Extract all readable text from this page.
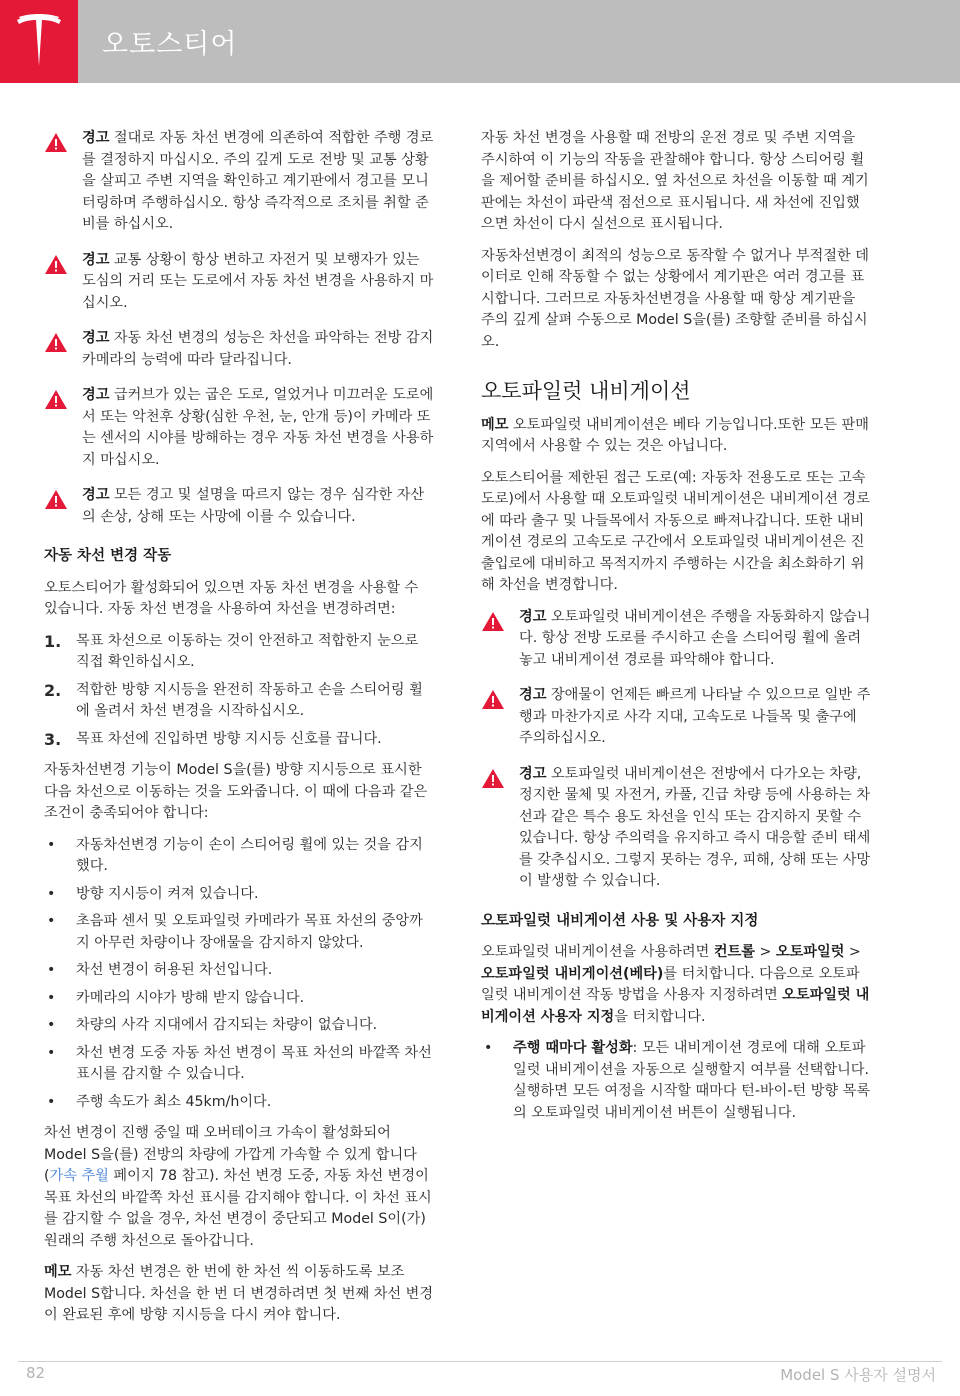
오토스티어
경고 절대로 자동 차선 변경에 의존하여 적합한 주행 경로를 결정하지 마십시오. 주의 깊게 도로 전방 및 교통 상황을 살피고 주변 지역을 확인하고 계기판에서 경고를 모니터링하며 주행하십시오. 항상 즉각적으로 조치를 취할 준비를 하십시오.
경고 교통 상황이 항상 변하고 자전거 및 보행자가 있는 도심의 거리 또는 도로에서 자동 차선 변경을 사용하지 마십시오.
경고 자동 차선 변경의 성능은 차선을 파악하는 전방 감지 카메라의 능력에 따라 달라집니다.
경고 급커브가 있는 굽은 도로, 얼었거나 미끄러운 도로에서 또는 악천후 상황(심한 우천, 눈, 안개 등)이 카메라 또는 센서의 시야를 방해하는 경우 자동 차선 변경을 사용하지 마십시오.
경고 모든 경고 및 설명을 따르지 않는 경우 심각한 자산의 손상, 상해 또는 사망에 이를 수 있습니다.
자동 차선 변경 작동

오토스티어가 활성화되어 있으면 자동 차선 변경을 사용할 수 있습니다. 자동 차선 변경을 사용하여 차선을 변경하려면:

1. 목표 차선으로 이동하는 것이 안전하고 적합한지 눈으로 직접 확인하십시오.
2. 적합한 방향 지시등을 완전히 작동하고 손을 스티어링 휠에 올려서 차선 변경을 시작하십시오.
3. 목표 차선에 진입하면 방향 지시등 신호를 끕니다.

자동차선변경 기능이 Model S을(를) 방향 지시등으로 표시한 다음 차선으로 이동하는 것을 도와줍니다. 이 때에 다음과 같은 조건이 충족되어야 합니다:

• 자동차선변경 기능이 손이 스티어링 휠에 있는 것을 감지했다.
• 방향 지시등이 켜져 있습니다.
• 초음파 센서 및 오토파일럿 카메라가 목표 차선의 중앙까지 아무런 차량이나 장애물을 감지하지 않았다.
• 차선 변경이 허용된 차선입니다.
• 카메라의 시야가 방해 받지 않습니다.
• 차량의 사각 지대에서 감지되는 차량이 없습니다.
• 차선 변경 도중 자동 차선 변경이 목표 차선의 바깥쪽 차선 표시를 감지할 수 있습니다.
• 주행 속도가 최소 45km/h이다.

차선 변경이 진행 중일 때 오버테이크 가속이 활성화되어 Model S을(를) 전방의 차량에 가깝게 가속할 수 있게 합니다(가속 추월 페이지 78 참고). 차선 변경 도중, 자동 차선 변경이 목표 차선의 바깥쪽 차선 표시를 감지해야 합니다. 이 차선 표시를 감지할 수 없을 경우, 차선 변경이 중단되고 Model S이(가) 원래의 주행 차선으로 돌아갑니다.

메모 자동 차선 변경은 한 번에 한 차선 씩 이동하도록 보조Model S합니다. 차선을 한 번 더 변경하려면 첫 번째 차선 변경이 완료된 후에 방향 지시등을 다시 켜야 합니다.

자동 차선 변경을 사용할 때 전방의 운전 경로 및 주변 지역을 주시하여 이 기능의 작동을 관찰해야 합니다. 항상 스티어링 휠을 제어할 준비를 하십시오. 옆 차선으로 차선을 이동할 때 계기판에는 차선이 파란색 점선으로 표시됩니다. 새 차선에 진입했으면 차선이 다시 실선으로 표시됩니다.

자동차선변경이 최적의 성능으로 동작할 수 없거나 부적절한 데이터로 인해 작동할 수 없는 상황에서 계기판은 여러 경고를 표시합니다. 그러므로 자동차선변경을 사용할 때 항상 계기판을 주의 깊게 살펴 수동으로 Model S을(를) 조향할 준비를 하십시오.

오토파일럿 내비게이션

메모 오토파일럿 내비게이션은 베타 기능입니다.또한 모든 판매 지역에서 사용할 수 있는 것은 아닙니다.

오토스티어를 제한된 접근 도로(예: 자동차 전용도로 또는 고속도로)에서 사용할 때 오토파일럿 내비게이션은 내비게이션 경로에 따라 출구 및 나들목에서 자동으로 빠져나갑니다. 또한 내비게이션 경로의 고속도로 구간에서 오토파일럿 내비게이션은 진출입로에 대비하고 목적지까지 주행하는 시간을 최소화하기 위해 차선을 변경합니다.

경고 오토파일럿 내비게이션은 주행을 자동화하지 않습니다. 항상 전방 도로를 주시하고 손을 스티어링 휠에 올려 놓고 내비게이션 경로를 파악해야 합니다.
경고 장애물이 언제든 빠르게 나타날 수 있으므로 일반 주행과 마찬가지로 사각 지대, 고속도로 나들목 및 출구에 주의하십시오.
경고 오토파일럿 내비게이션은 전방에서 다가오는 차량, 정지한 물체 및 자전거, 카풀, 긴급 차량 등에 사용하는 차선과 같은 특수 용도 차선을 인식 또는 감지하지 못할 수 있습니다. 항상 주의력을 유지하고 즉시 대응할 준비 태세를 갖추십시오. 그렇지 못하는 경우, 피해, 상해 또는 사망이 발생할 수 있습니다.
오토파일럿 내비게이션 사용 및 사용자 지정

오토파일럿 내비게이션을 사용하려면 컨트롤 > 오토파일럿 > 오토파일럿 내비게이션(베타)를 터치합니다. 다음으로 오토파일럿 내비게이션 작동 방법을 사용자 지정하려면 오토파일럿 내비게이션 사용자 지정을 터치합니다.

• 주행 때마다 활성화: 모든 내비게이션 경로에 대해 오토파일럿 내비게이션을 자동으로 실행할지 여부를 선택합니다. 실행하면 모든 여정을 시작할 때마다 턴-바이-턴 방향 목록의 오토파일럿 내비게이션 버튼이 실행됩니다.
82	Model S 사용자 설명서
